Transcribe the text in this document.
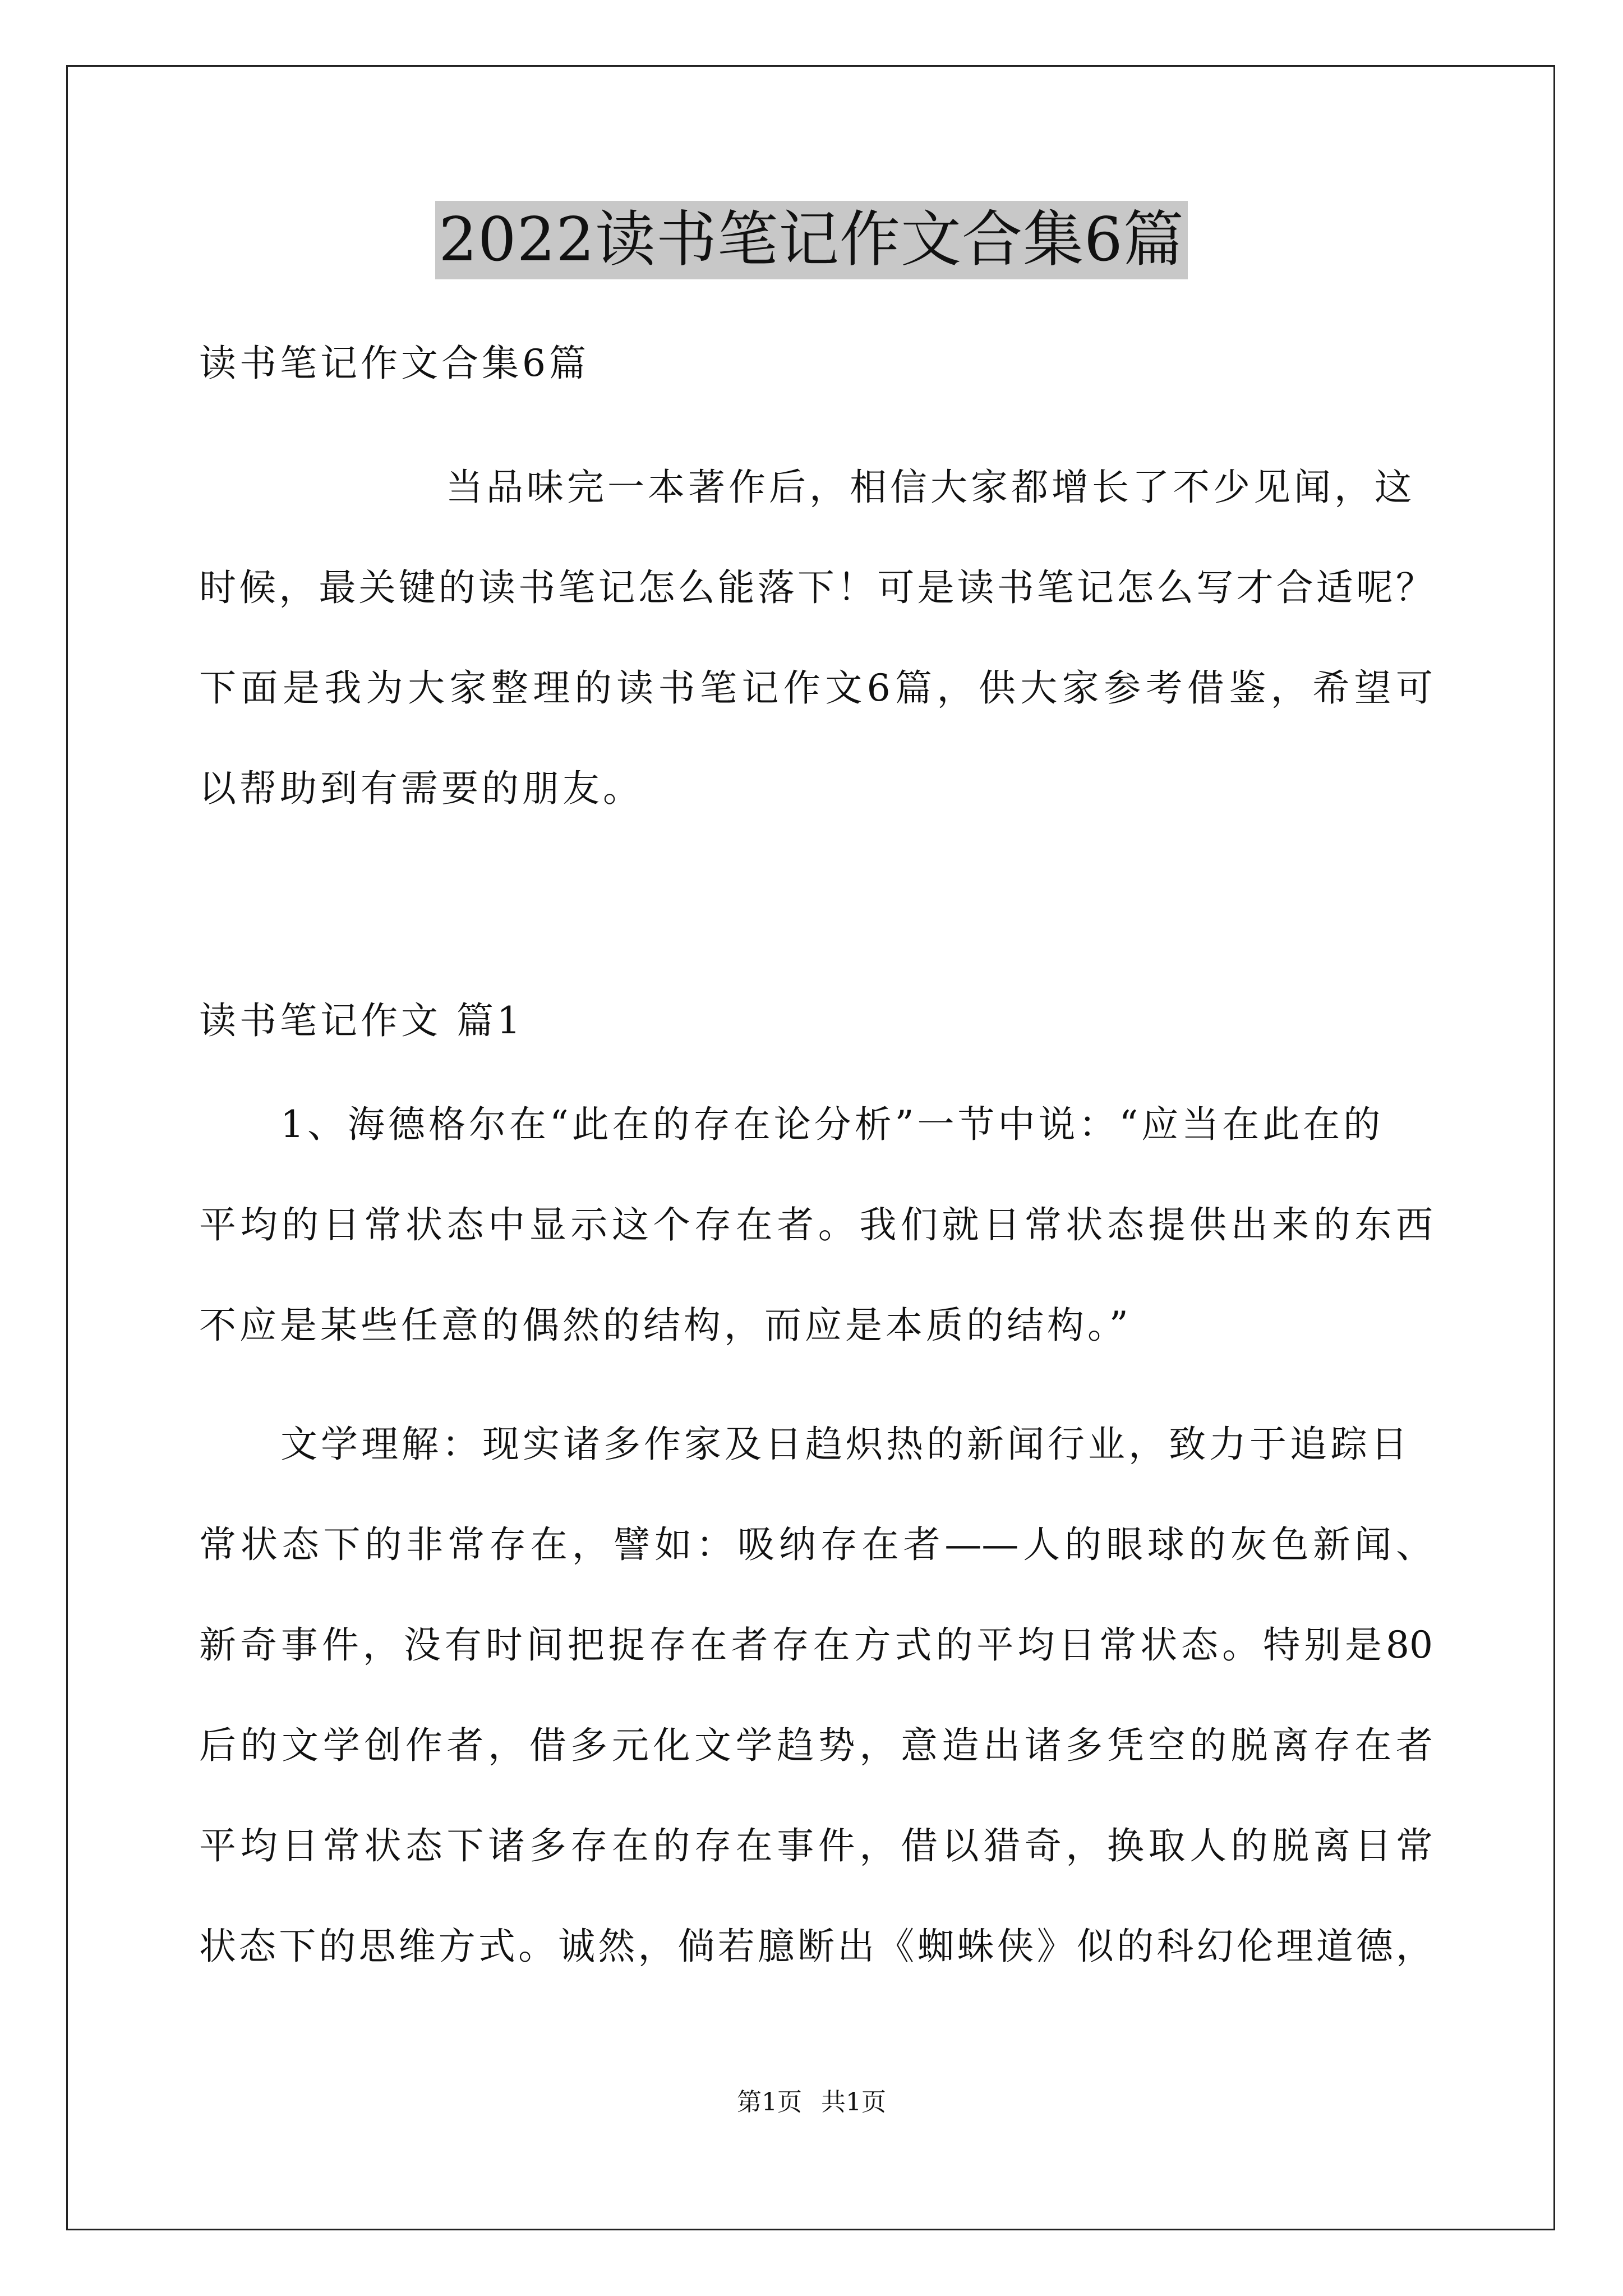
2022读书笔记作文合集6篇
读书笔记作文合集6篇
当品味完一本著作后，相信大家都增长了不少见闻，这
时候，最关键的读书笔记怎么能落下！可是读书笔记怎么写才合适呢？
下面是我为大家整理的读书笔记作文6篇，供大家参考借鉴，希望可
以帮助到有需要的朋友。
读书笔记作文 篇1
1、海德格尔在“此在的存在论分析”一节中说：“应当在此在的
平均的日常状态中显示这个存在者。我们就日常状态提供出来的东西
不应是某些任意的偶然的结构，而应是本质的结构。”
文学理解：现实诸多作家及日趋炽热的新闻行业，致力于追踪日
常状态下的非常存在，譬如：吸纳存在者——人的眼球的灰色新闻、
新奇事件，没有时间把捉存在者存在方式的平均日常状态。特别是80
后的文学创作者，借多元化文学趋势，意造出诸多凭空的脱离存在者
平均日常状态下诸多存在的存在事件，借以猎奇，换取人的脱离日常
状态下的思维方式。诚然，倘若臆断出《蜘蛛侠》似的科幻伦理道德，
第1页 共1页
